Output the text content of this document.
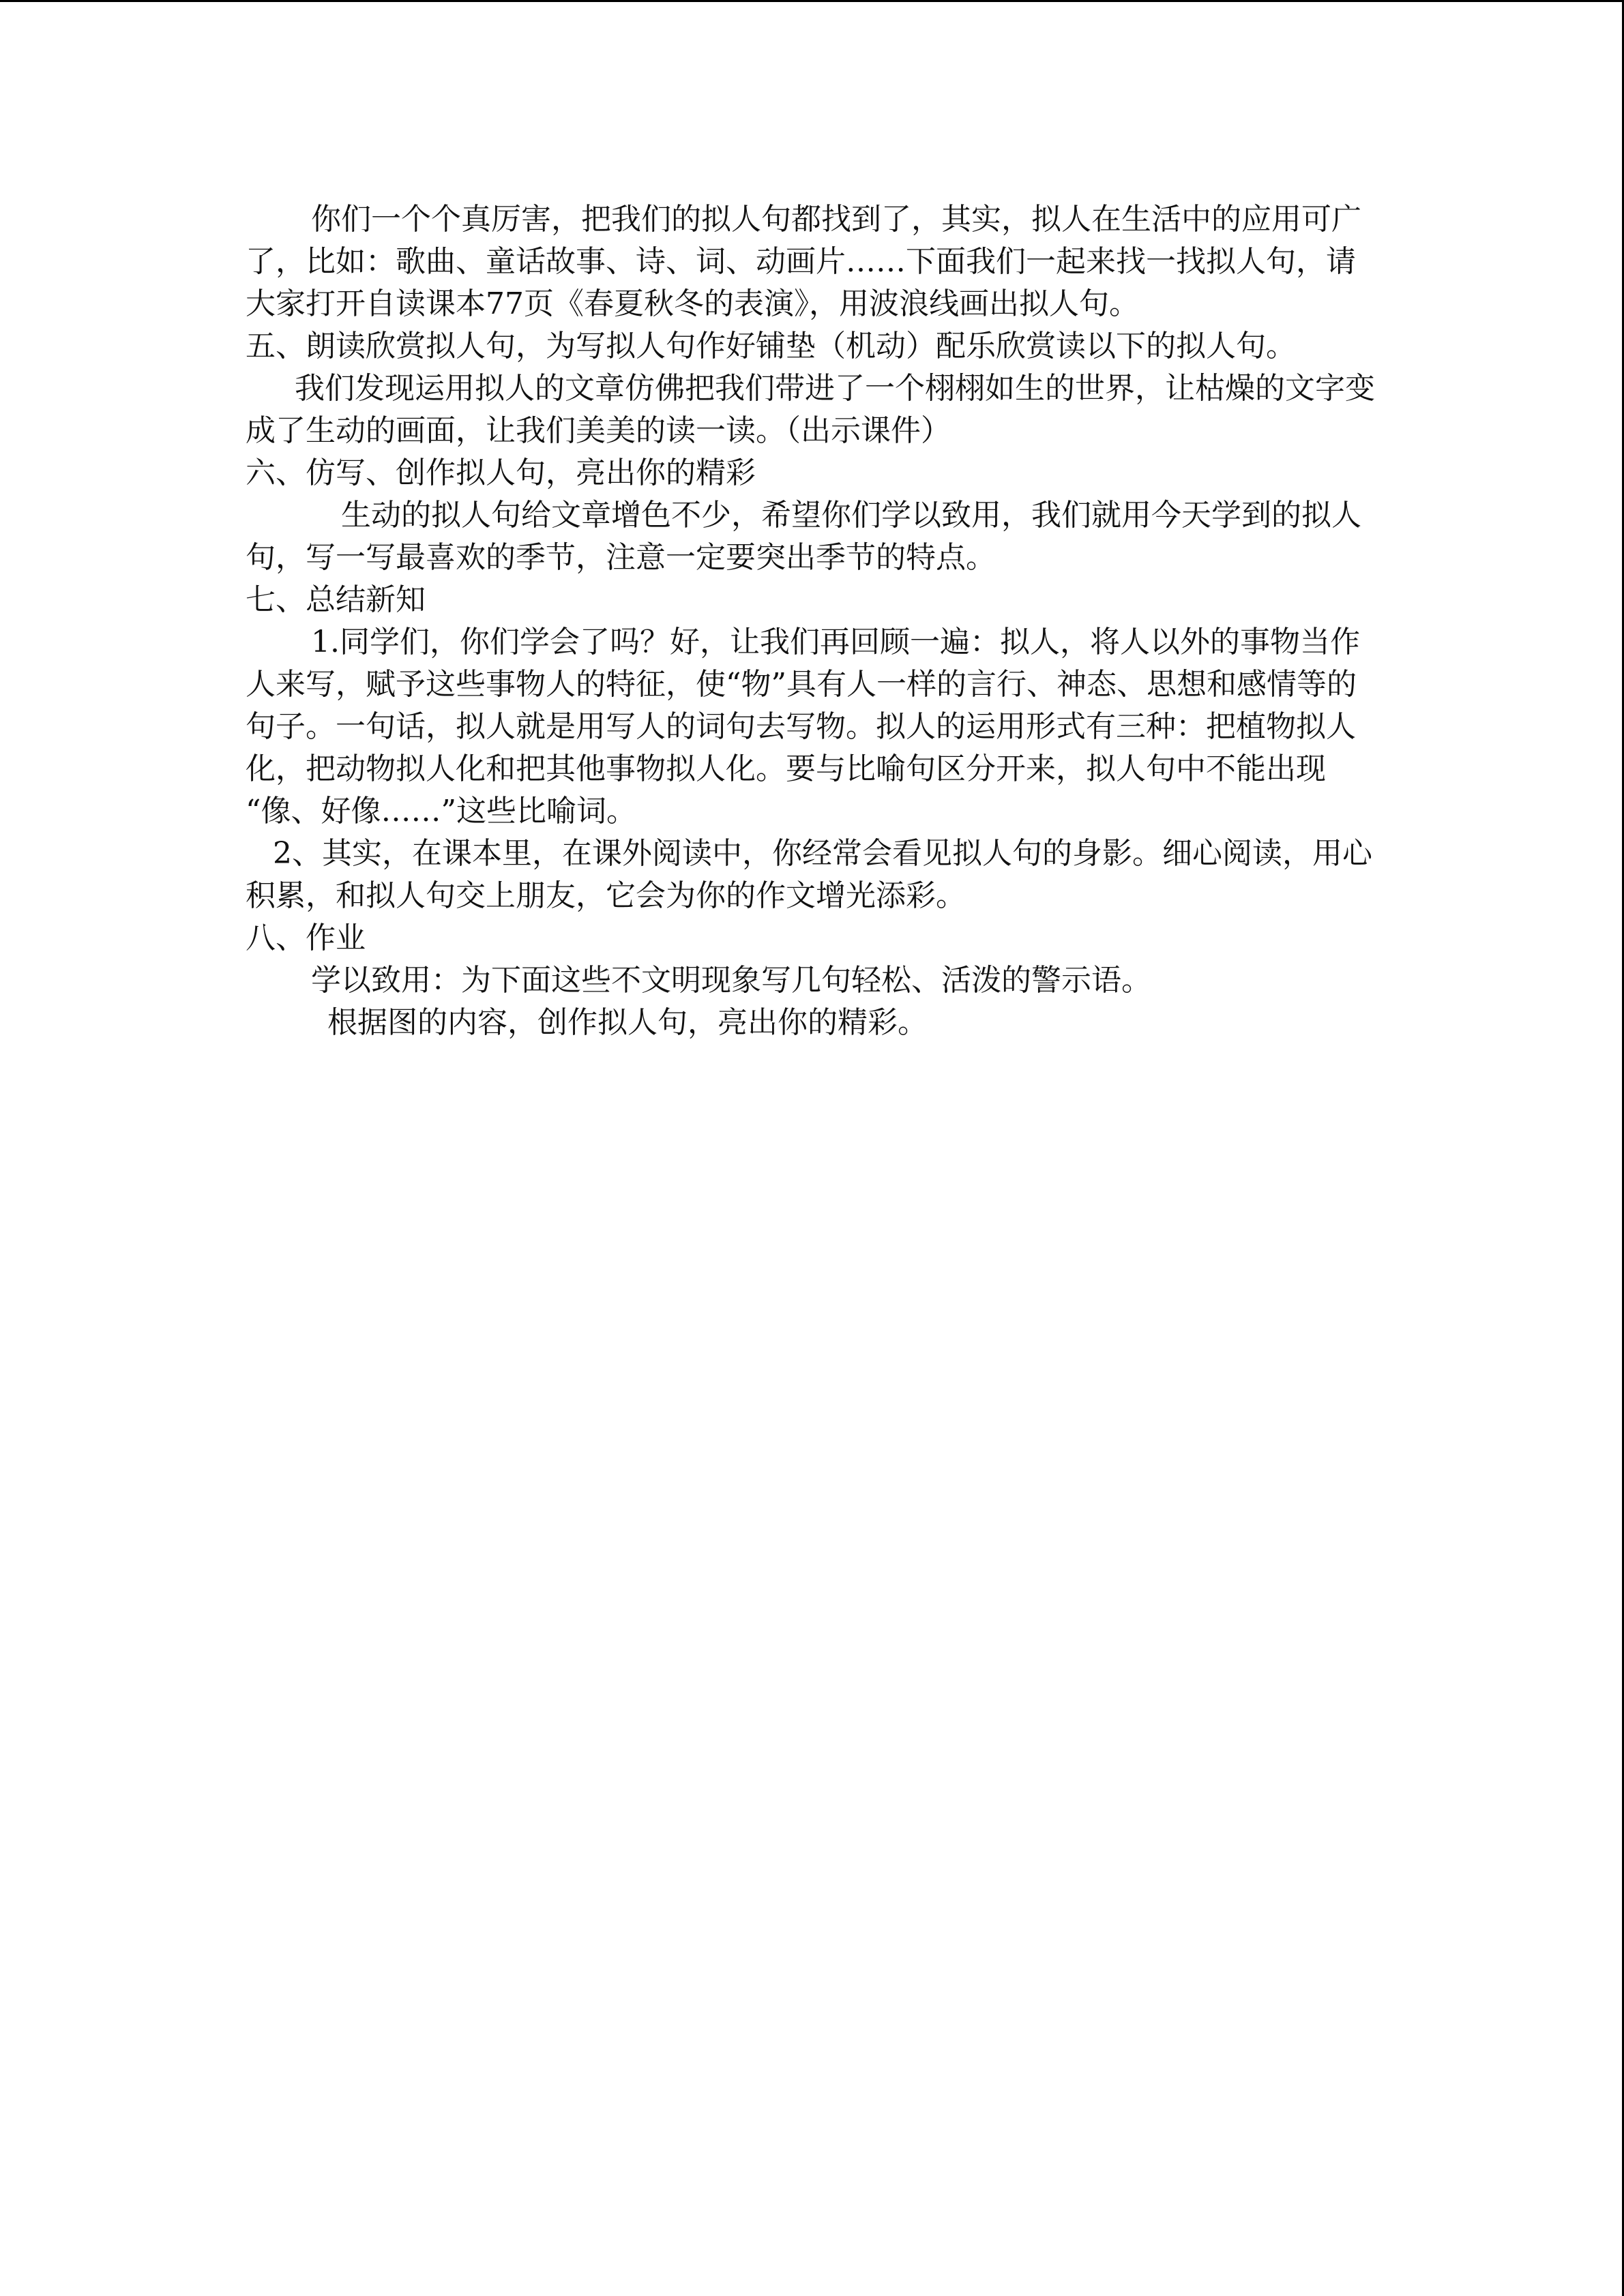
你们一个个真厉害，把我们的拟人句都找到了，其实，拟人在生活中的应用可广了，比如：歌曲、童话故事、诗、词、动画片……下面我们一起来找一找拟人句，请大家打开自读课本77页《春夏秋冬的表演》，用波浪线画出拟人句。

五、朗读欣赏拟人句，为写拟人句作好铺垫（机动）配乐欣赏读以下的拟人句。

我们发现运用拟人的文章仿佛把我们带进了一个栩栩如生的世界，让枯燥的文字变成了生动的画面，让我们美美的读一读。（出示课件）

六、仿写、创作拟人句，亮出你的精彩

生动的拟人句给文章增色不少，希望你们学以致用，我们就用今天学到的拟人句，写一写最喜欢的季节，注意一定要突出季节的特点。

七、总结新知

1.同学们，你们学会了吗？好，让我们再回顾一遍：拟人，将人以外的事物当作人来写，赋予这些事物人的特征，使“物”具有人一样的言行、神态、思想和感情等的句子。一句话，拟人就是用写人的词句去写物。拟人的运用形式有三种：把植物拟人化，把动物拟人化和把其他事物拟人化。要与比喻句区分开来，拟人句中不能出现 “像、好像……”这些比喻词。

2、其实，在课本里，在课外阅读中，你经常会看见拟人句的身影。细心阅读，用心积累，和拟人句交上朋友，它会为你的作文增光添彩。

八、作业

学以致用：为下面这些不文明现象写几句轻松、活泼的警示语。

根据图的内容，创作拟人句，亮出你的精彩。
